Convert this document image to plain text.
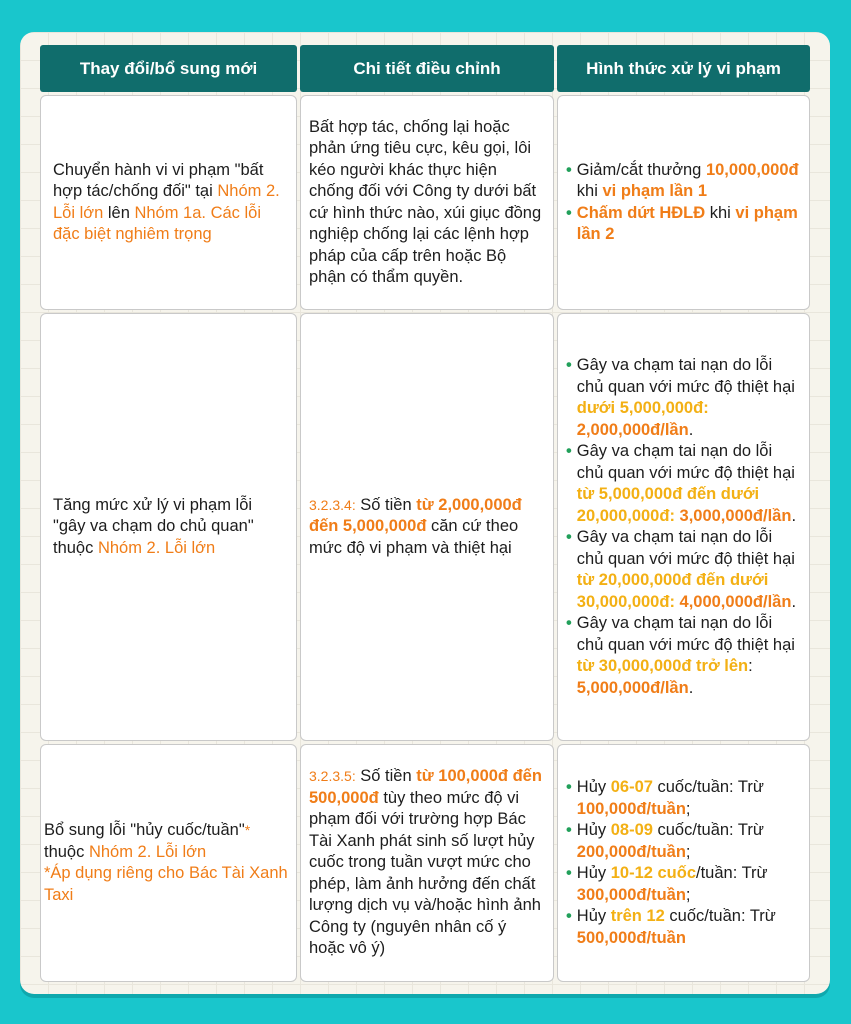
Thay đổi/bổ sung mới	Chi tiết điều chỉnh	Hình thức xử lý vi phạm

Chuyển hành vi vi phạm "bất hợp tác/chống đối" tại Nhóm 2. Lỗi lớn lên Nhóm 1a. Các lỗi đặc biệt nghiêm trọng

Bất hợp tác, chống lại hoặc phản ứng tiêu cực, kêu gọi, lôi kéo người khác thực hiện chống đối với Công ty dưới bất cứ hình thức nào, xúi giục đồng nghiệp chống lại các lệnh hợp pháp của cấp trên hoặc Bộ phận có thẩm quyền.

• Giảm/cắt thưởng 10,000,000đ khi vi phạm lần 1

• Chấm dứt HĐLĐ khi vi phạm lần 2

Tăng mức xử lý vi phạm lỗi "gây va chạm do chủ quan" thuộc Nhóm 2. Lỗi lớn

3.2.3.4: Số tiền từ 2,000,000đ đến 5,000,000đ căn cứ theo mức độ vi phạm và thiệt hại

• Gây va chạm tai nạn do lỗi chủ quan với mức độ thiệt hại dưới 5,000,000đ: 2,000,000đ/lần.

• Gây va chạm tai nạn do lỗi chủ quan với mức độ thiệt hại từ 5,000,000đ đến dưới 20,000,000đ: 3,000,000đ/lần.

• Gây va chạm tai nạn do lỗi chủ quan với mức độ thiệt hại từ 20,000,000đ đến dưới 30,000,000đ: 4,000,000đ/lần.

• Gây va chạm tai nạn do lỗi chủ quan với mức độ thiệt hại từ 30,000,000đ trở lên: 5,000,000đ/lần.

Bổ sung lỗi "hủy cuốc/tuần"* thuộc Nhóm 2. Lỗi lớn
*Áp dụng riêng cho Bác Tài Xanh Taxi

3.2.3.5: Số tiền từ 100,000đ đến 500,000đ tùy theo mức độ vi phạm đối với trường hợp Bác Tài Xanh phát sinh số lượt hủy cuốc trong tuần vượt mức cho phép, làm ảnh hưởng đến chất lượng dịch vụ và/hoặc hình ảnh Công ty (nguyên nhân cố ý hoặc vô ý)

• Hủy 06-07 cuốc/tuần: Trừ 100,000đ/tuần;

• Hủy 08-09 cuốc/tuần: Trừ 200,000đ/tuần;

• Hủy 10-12 cuốc/tuần: Trừ 300,000đ/tuần;

• Hủy trên 12 cuốc/tuần: Trừ 500,000đ/tuần
